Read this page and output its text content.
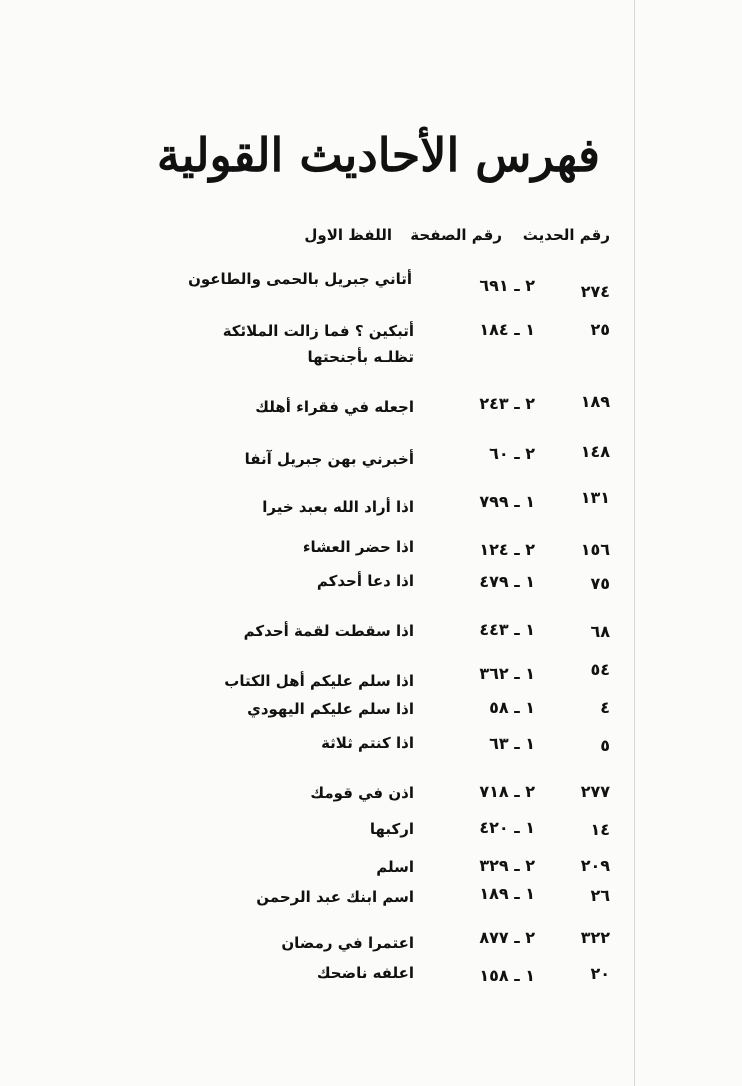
فهرس الأحاديث القولية
رقم الحديث
رقم الصفحة
اللفظ الاول
٢٧٤
٢ ـ ٦٩١
أتاني جبريل بالحمى والطاعون
٢٥
١ ـ ١٨٤
أتبكين ؟ فما زالت الملائكة تظلـه بأجنحتها
١٨٩
٢ ـ ٢٤٣
اجعله في فقراء أهلك
١٤٨
٢ ـ ٦٠
أخبرني بهن جبريل آنفا
١٣١
١ ـ ٧٩٩
اذا أراد الله بعبد خيرا
١٥٦
٢ ـ ١٢٤
اذا حضر العشاء
٧٥
١ ـ ٤٧٩
اذا دعا أحدكم
٦٨
١ ـ ٤٤٣
اذا سقطت لقمة أحدكم
٥٤
١ ـ ٣٦٢
اذا سلم عليكم أهل الكتاب
٤
١ ـ ٥٨
اذا سلم عليكم اليهودي
٥
١ ـ ٦٣
اذا كنتم ثلاثة
٢٧٧
٢ ـ ٧١٨
اذن في قومك
١٤
١ ـ ٤٢٠
اركبها
٢٠٩
٢ ـ ٣٢٩
اسلم
٢٦
١ ـ ١٨٩
اسم ابنك عبد الرحمن
٣٢٢
٢ ـ ٨٧٧
اعتمرا في رمضان
٢٠
١ ـ ١٥٨
اعلفه ناضحك
